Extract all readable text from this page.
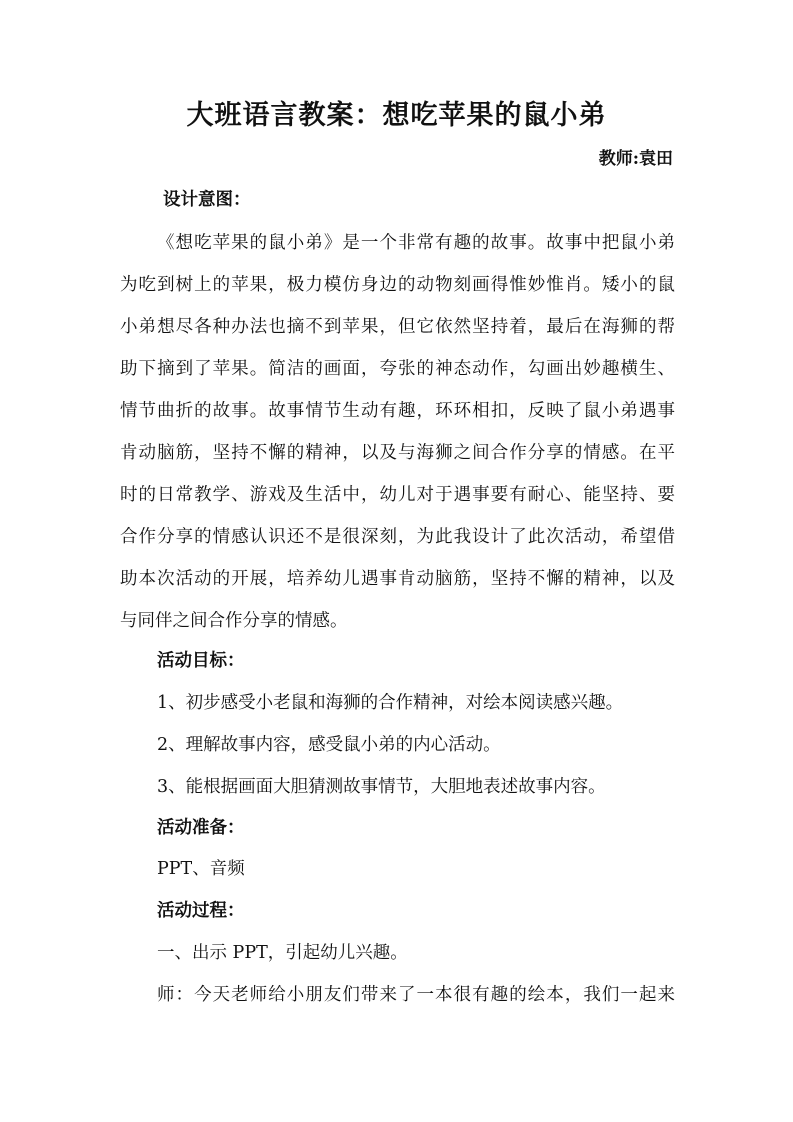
大班语言教案：想吃苹果的鼠小弟
教师:袁田
设计意图：
《想吃苹果的鼠小弟》是一个非常有趣的故事。故事中把鼠小弟
为吃到树上的苹果，极力模仿身边的动物刻画得惟妙惟肖。矮小的鼠
小弟想尽各种办法也摘不到苹果，但它依然坚持着，最后在海狮的帮
助下摘到了苹果。简洁的画面，夸张的神态动作，勾画出妙趣横生、
情节曲折的故事。故事情节生动有趣，环环相扣，反映了鼠小弟遇事
肯动脑筋，坚持不懈的精神，以及与海狮之间合作分享的情感。在平
时的日常教学、游戏及生活中，幼儿对于遇事要有耐心、能坚持、要
合作分享的情感认识还不是很深刻，为此我设计了此次活动，希望借
助本次活动的开展，培养幼儿遇事肯动脑筋，坚持不懈的精神，以及
与同伴之间合作分享的情感。
活动目标：
1、初步感受小老鼠和海狮的合作精神，对绘本阅读感兴趣。
2、理解故事内容，感受鼠小弟的内心活动。
3、能根据画面大胆猜测故事情节，大胆地表述故事内容。
活动准备：
PPT、音频
活动过程：
一、出示 PPT，引起幼儿兴趣。
师：今天老师给小朋友们带来了一本很有趣的绘本，我们一起来
